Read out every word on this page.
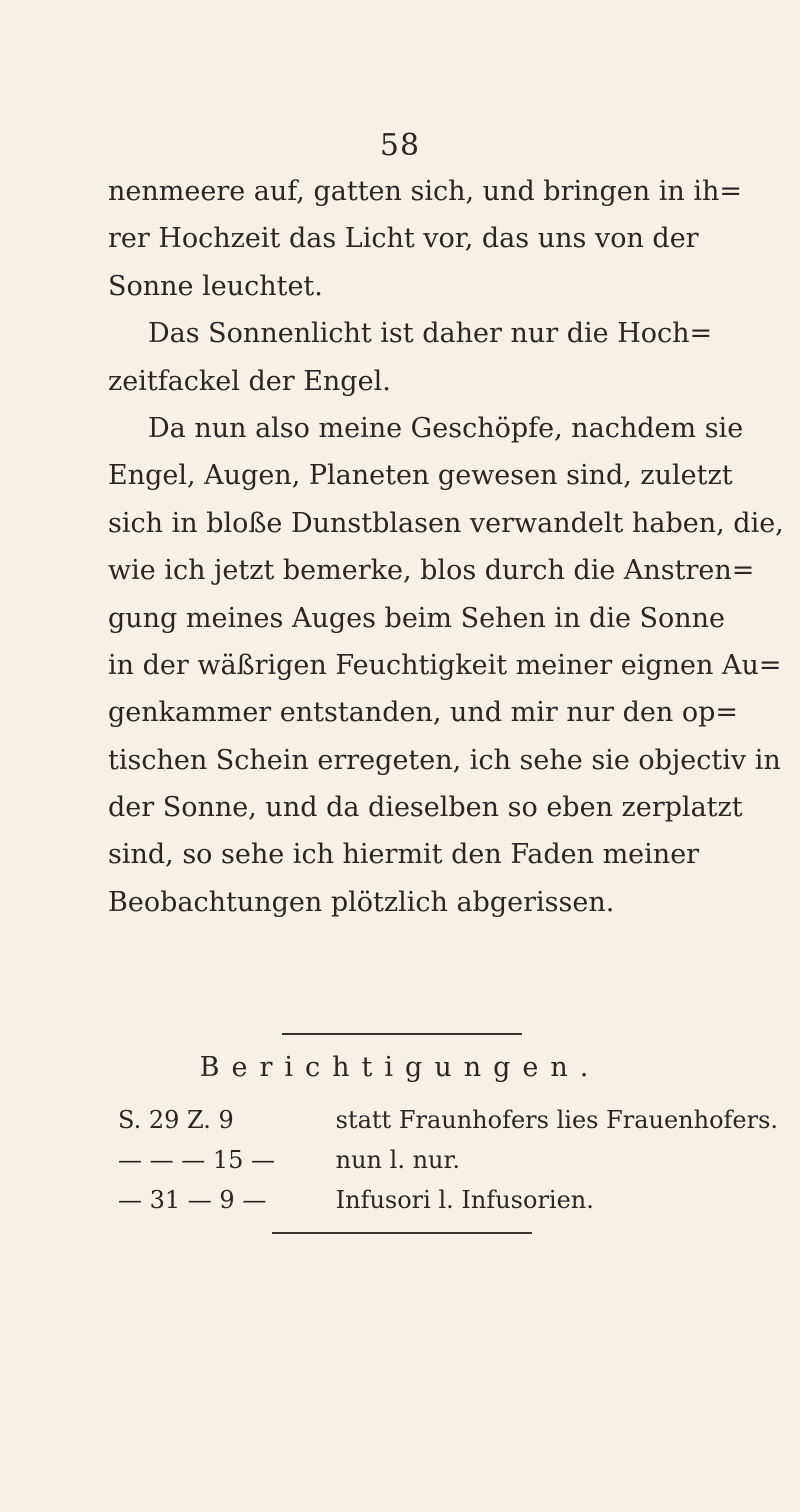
58
nenmeere auf, gatten sich, und bringen in ih=
rer Hochzeit das Licht vor, das uns von der
Sonne leuchtet.
Das Sonnenlicht ist daher nur die Hoch=
zeitfackel der Engel.
Da nun also meine Geschöpfe, nachdem sie
Engel, Augen, Planeten gewesen sind, zuletzt
sich in bloße Dunstblasen verwandelt haben, die,
wie ich jetzt bemerke, blos durch die Anstren=
gung meines Auges beim Sehen in die Sonne
in der wäßrigen Feuchtigkeit meiner eignen Au=
genkammer entstanden, und mir nur den op=
tischen Schein erregeten, ich sehe sie objectiv in
der Sonne, und da dieselben so eben zerplatzt
sind, so sehe ich hiermit den Faden meiner
Beobachtungen plötzlich abgerissen.
Berichtigungen.
S. 29 Z. 9	statt Fraunhofers lies Frauenhofers.
— — — 15 —	nun l. nur.
— 31 — 9 —	Infusori l. Infusorien.
